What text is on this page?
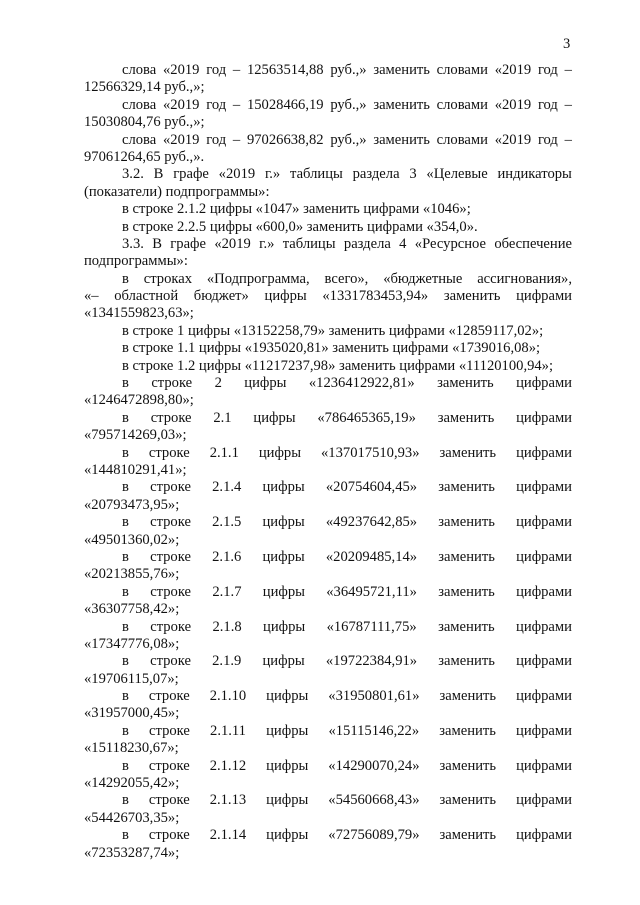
3
слова «2019 год – 12563514,88 руб.,» заменить словами «2019 год –
12566329,14 руб.,»;
слова «2019 год – 15028466,19 руб.,» заменить словами «2019 год –
15030804,76 руб.,»;
слова «2019 год – 97026638,82 руб.,» заменить словами «2019 год –
97061264,65 руб.,».
3.2. В графе «2019 г.» таблицы раздела 3 «Целевые индикаторы
(показатели) подпрограммы»:
в строке 2.1.2 цифры «1047» заменить цифрами «1046»;
в строке 2.2.5 цифры «600,0» заменить цифрами «354,0».
3.3. В графе «2019 г.» таблицы раздела 4 «Ресурсное обеспечение
подпрограммы»:
в строках «Подпрограмма, всего», «бюджетные ассигнования»,
«– областной бюджет» цифры «1331783453,94» заменить цифрами
«1341559823,63»;
в строке 1 цифры «13152258,79» заменить цифрами «12859117,02»;
в строке 1.1 цифры «1935020,81» заменить цифрами «1739016,08»;
в строке 1.2 цифры «11217237,98» заменить цифрами «11120100,94»;
в строке 2 цифры «1236412922,81» заменить цифрами
«1246472898,80»;
в строке 2.1 цифры «786465365,19» заменить цифрами
«795714269,03»;
в строке 2.1.1 цифры «137017510,93» заменить цифрами
«144810291,41»;
в строке 2.1.4 цифры «20754604,45» заменить цифрами
«20793473,95»;
в строке 2.1.5 цифры «49237642,85» заменить цифрами
«49501360,02»;
в строке 2.1.6 цифры «20209485,14» заменить цифрами
«20213855,76»;
в строке 2.1.7 цифры «36495721,11» заменить цифрами
«36307758,42»;
в строке 2.1.8 цифры «16787111,75» заменить цифрами
«17347776,08»;
в строке 2.1.9 цифры «19722384,91» заменить цифрами
«19706115,07»;
в строке 2.1.10 цифры «31950801,61» заменить цифрами
«31957000,45»;
в строке 2.1.11 цифры «15115146,22» заменить цифрами
«15118230,67»;
в строке 2.1.12 цифры «14290070,24» заменить цифрами
«14292055,42»;
в строке 2.1.13 цифры «54560668,43» заменить цифрами
«54426703,35»;
в строке 2.1.14 цифры «72756089,79» заменить цифрами
«72353287,74»;
